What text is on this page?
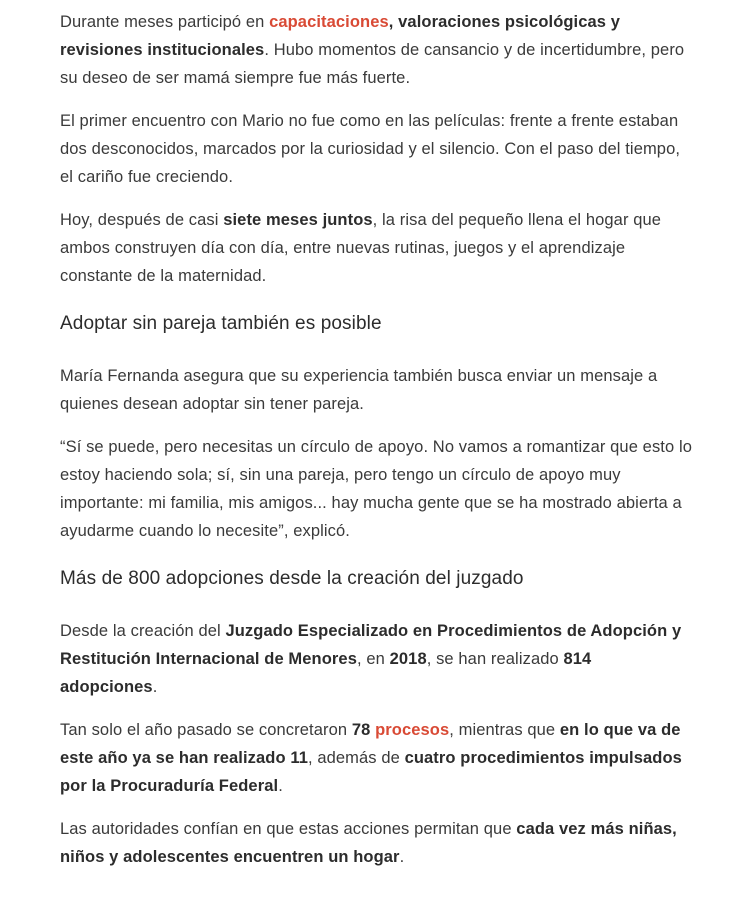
Durante meses participó en capacitaciones, valoraciones psicológicas y revisiones institucionales. Hubo momentos de cansancio y de incertidumbre, pero su deseo de ser mamá siempre fue más fuerte.

El primer encuentro con Mario no fue como en las películas: frente a frente estaban dos desconocidos, marcados por la curiosidad y el silencio. Con el paso del tiempo, el cariño fue creciendo.

Hoy, después de casi siete meses juntos, la risa del pequeño llena el hogar que ambos construyen día con día, entre nuevas rutinas, juegos y el aprendizaje constante de la maternidad.

Adoptar sin pareja también es posible

María Fernanda asegura que su experiencia también busca enviar un mensaje a quienes desean adoptar sin tener pareja.

“Sí se puede, pero necesitas un círculo de apoyo. No vamos a romantizar que esto lo estoy haciendo sola; sí, sin una pareja, pero tengo un círculo de apoyo muy importante: mi familia, mis amigos... hay mucha gente que se ha mostrado abierta a ayudarme cuando lo necesite”, explicó.

Más de 800 adopciones desde la creación del juzgado

Desde la creación del Juzgado Especializado en Procedimientos de Adopción y Restitución Internacional de Menores, en 2018, se han realizado 814 adopciones.

Tan solo el año pasado se concretaron 78 procesos, mientras que en lo que va de este año ya se han realizado 11, además de cuatro procedimientos impulsados por la Procuraduría Federal.

Las autoridades confían en que estas acciones permitan que cada vez más niñas, niños y adolescentes encuentren un hogar.
